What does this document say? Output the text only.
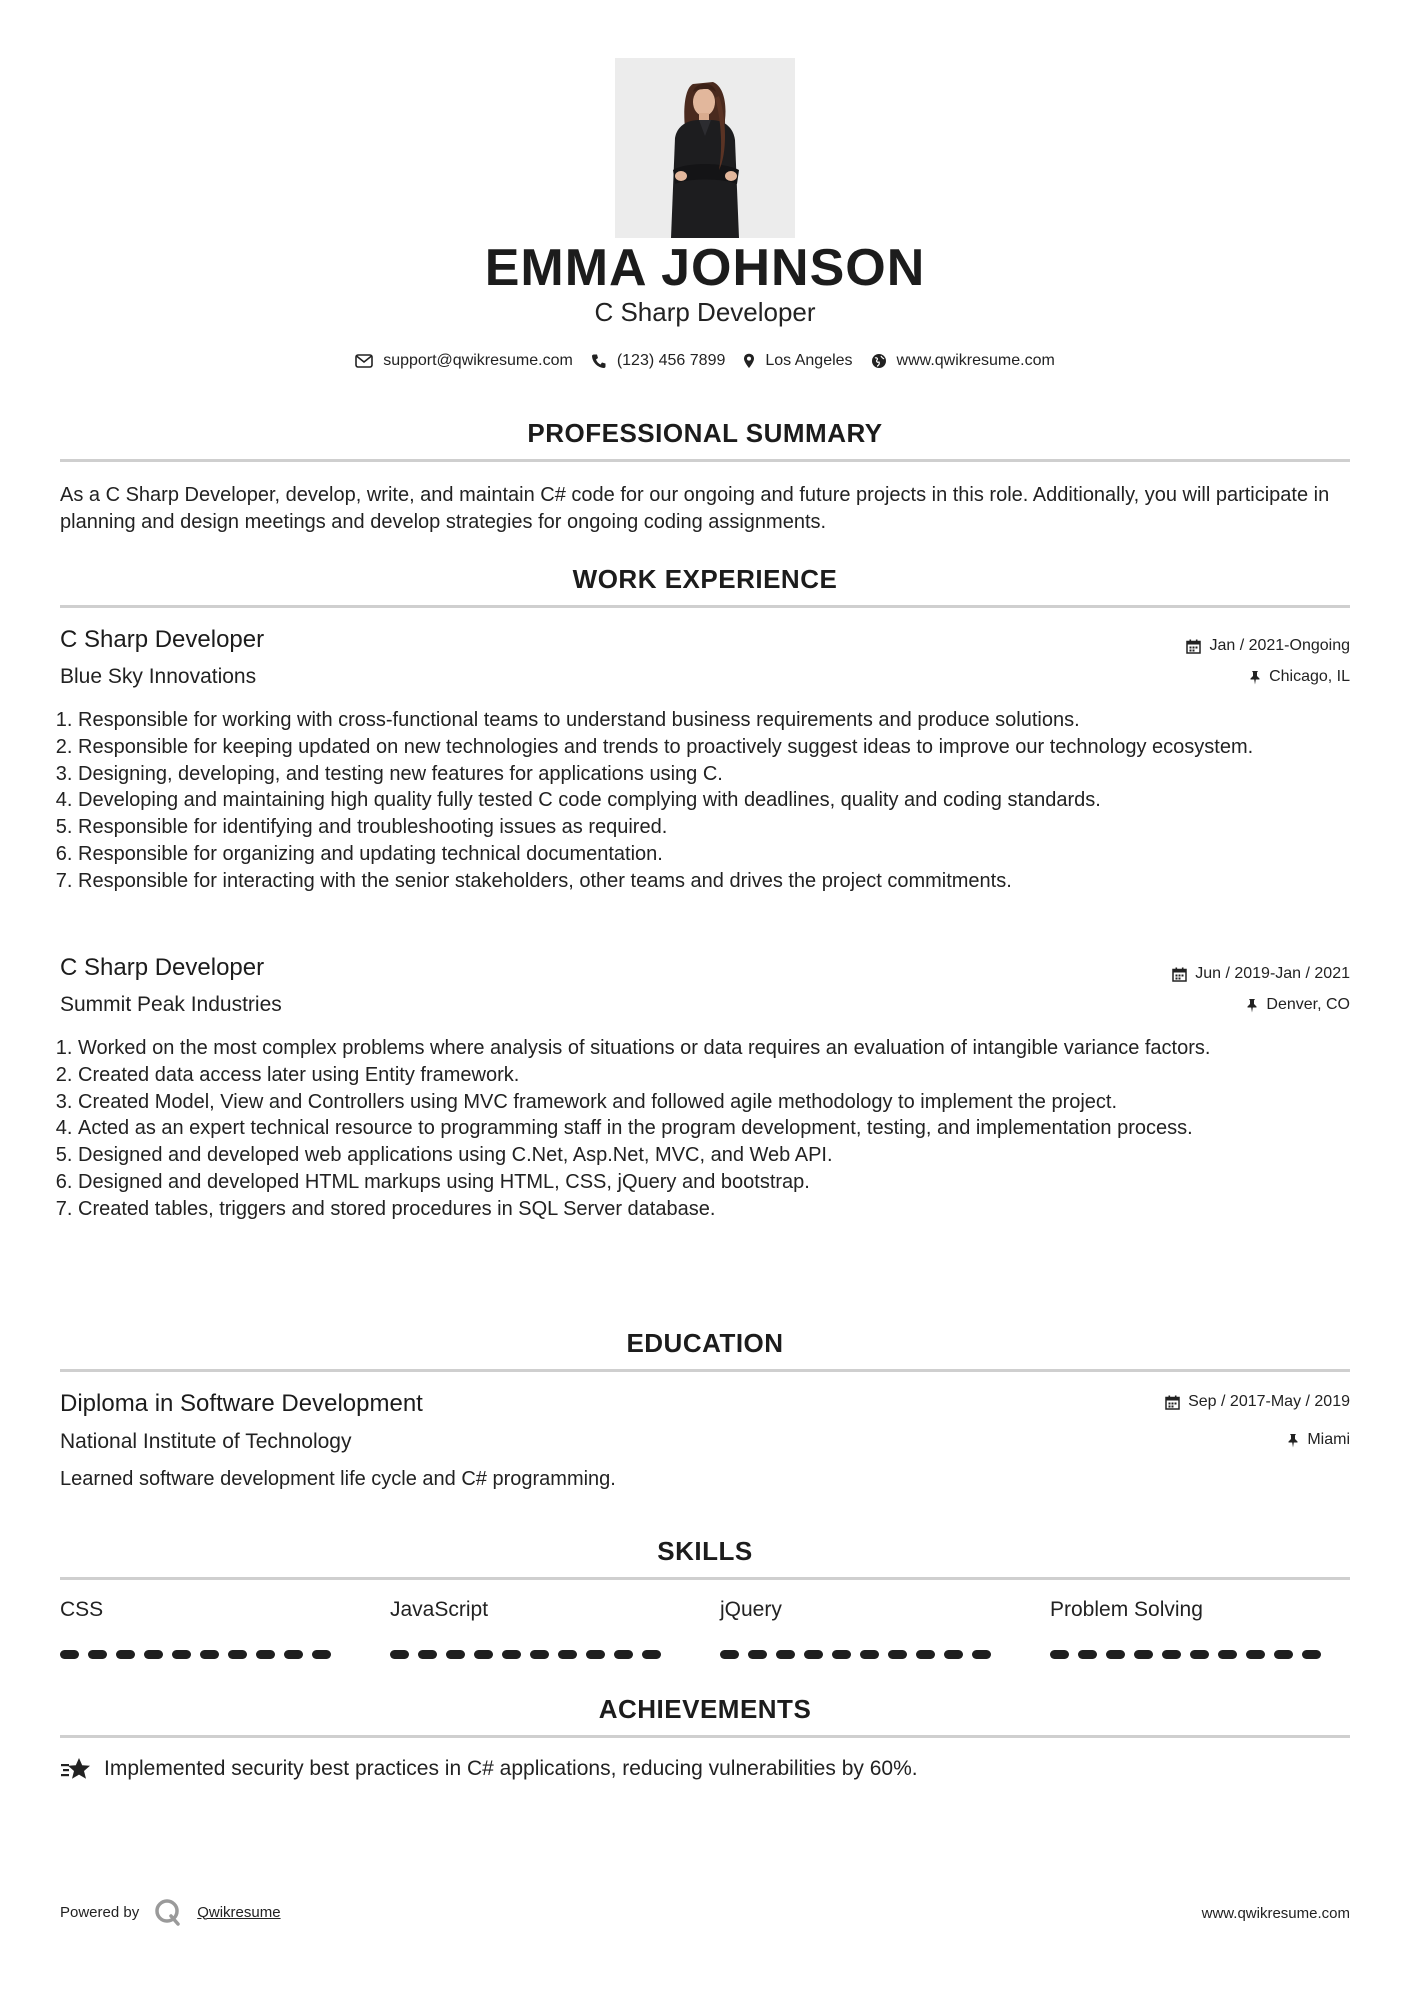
EMMA JOHNSON
C Sharp Developer
support@qwikresume.com	(123) 456 7899	Los Angeles	www.qwikresume.com
PROFESSIONAL SUMMARY
As a C Sharp Developer, develop, write, and maintain C# code for our ongoing and future projects in this role. Additionally, you will participate in planning and design meetings and develop strategies for ongoing coding assignments.
WORK EXPERIENCE
C Sharp Developer	Jan / 2021-Ongoing
Blue Sky Innovations	Chicago, IL
1. Responsible for working with cross-functional teams to understand business requirements and produce solutions.
2. Responsible for keeping updated on new technologies and trends to proactively suggest ideas to improve our technology ecosystem.
3. Designing, developing, and testing new features for applications using C.
4. Developing and maintaining high quality fully tested C code complying with deadlines, quality and coding standards.
5. Responsible for identifying and troubleshooting issues as required.
6. Responsible for organizing and updating technical documentation.
7. Responsible for interacting with the senior stakeholders, other teams and drives the project commitments.
C Sharp Developer	Jun / 2019-Jan / 2021
Summit Peak Industries	Denver, CO
1. Worked on the most complex problems where analysis of situations or data requires an evaluation of intangible variance factors.
2. Created data access later using Entity framework.
3. Created Model, View and Controllers using MVC framework and followed agile methodology to implement the project.
4. Acted as an expert technical resource to programming staff in the program development, testing, and implementation process.
5. Designed and developed web applications using C.Net, Asp.Net, MVC, and Web API.
6. Designed and developed HTML markups using HTML, CSS, jQuery and bootstrap.
7. Created tables, triggers and stored procedures in SQL Server database.
EDUCATION
Diploma in Software Development	Sep / 2017-May / 2019
National Institute of Technology	Miami
Learned software development life cycle and C# programming.
SKILLS
CSS	JavaScript	jQuery	Problem Solving
ACHIEVEMENTS
Implemented security best practices in C# applications, reducing vulnerabilities by 60%.
Powered by	Qwikresume	www.qwikresume.com
